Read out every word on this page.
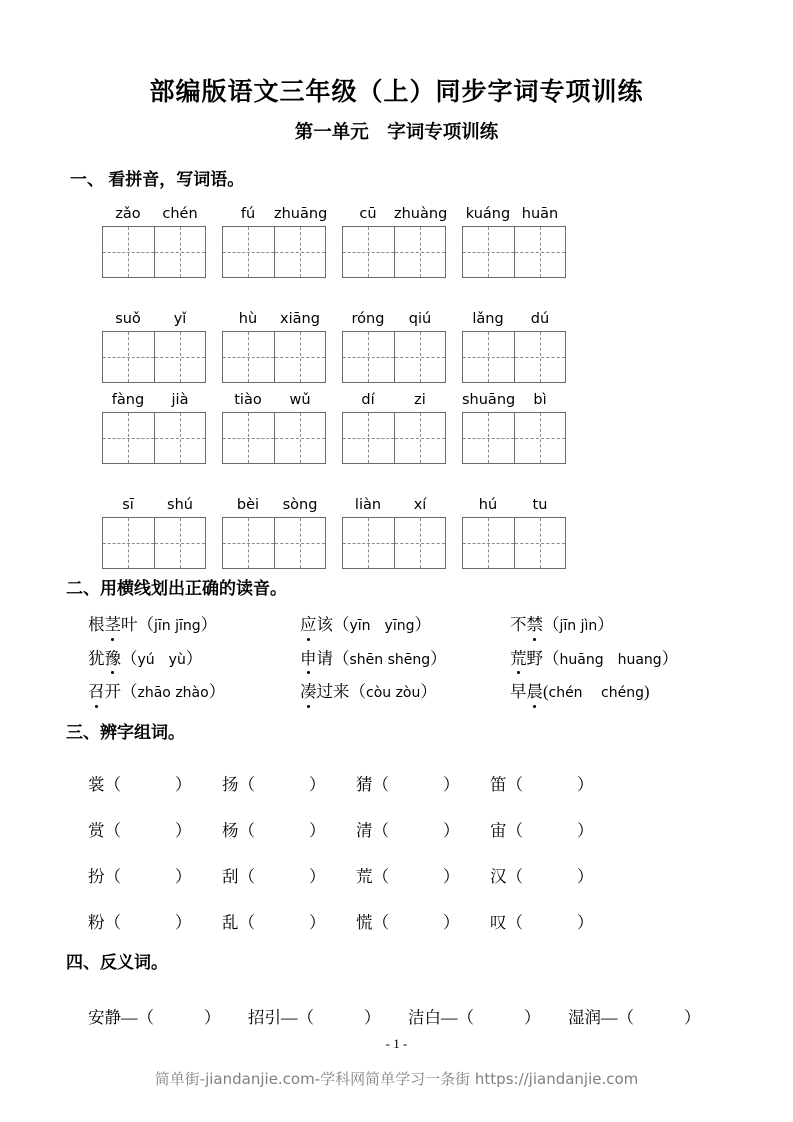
部编版语文三年级（上）同步字词专项训练
第一单元　字词专项训练
一、 看拼音，写词语。
zǎo	chén	fú	zhuāng	cū	zhuàng kuáng huān
suǒ	yǐ	hù	xiāng	róng	qiú	lǎng	dú
fàng	jià	tiào	wǔ	dí	zi	shuāng	bì
sī	shú	bèi	sòng	liàn	xí	hú	tu
二、用横线划出正确的读音。
根 茎 叶 （ jīn jīng ）	应 该 （ yīn　yīng ）	不 禁 （ jīn jìn ）
犹 豫 （ yú　yù ）	申 请 （ shēn shēng ）	荒 野 （ huāng　huang ）
召 开 （ zhāo zhào ）	凑 过来 （ còu zòu ）	早 晨 ( chén　 chéng )
三、辨字组词。
裳（	）	扬（	）	猜（	）	笛（	）
赏（	）	杨（	）	清（	）	宙（	）
扮（	）	刮（	）	荒（	）	汉（	）
粉（	）	乱（	）	慌（	）	叹（	）
四、反义词。
安静—（	）	招引—（	）	洁白—（	）	湿润—（	）
- 1 -
简单街-jiandanjie.com-学科网简单学习一条街 https://jiandanjie.com
